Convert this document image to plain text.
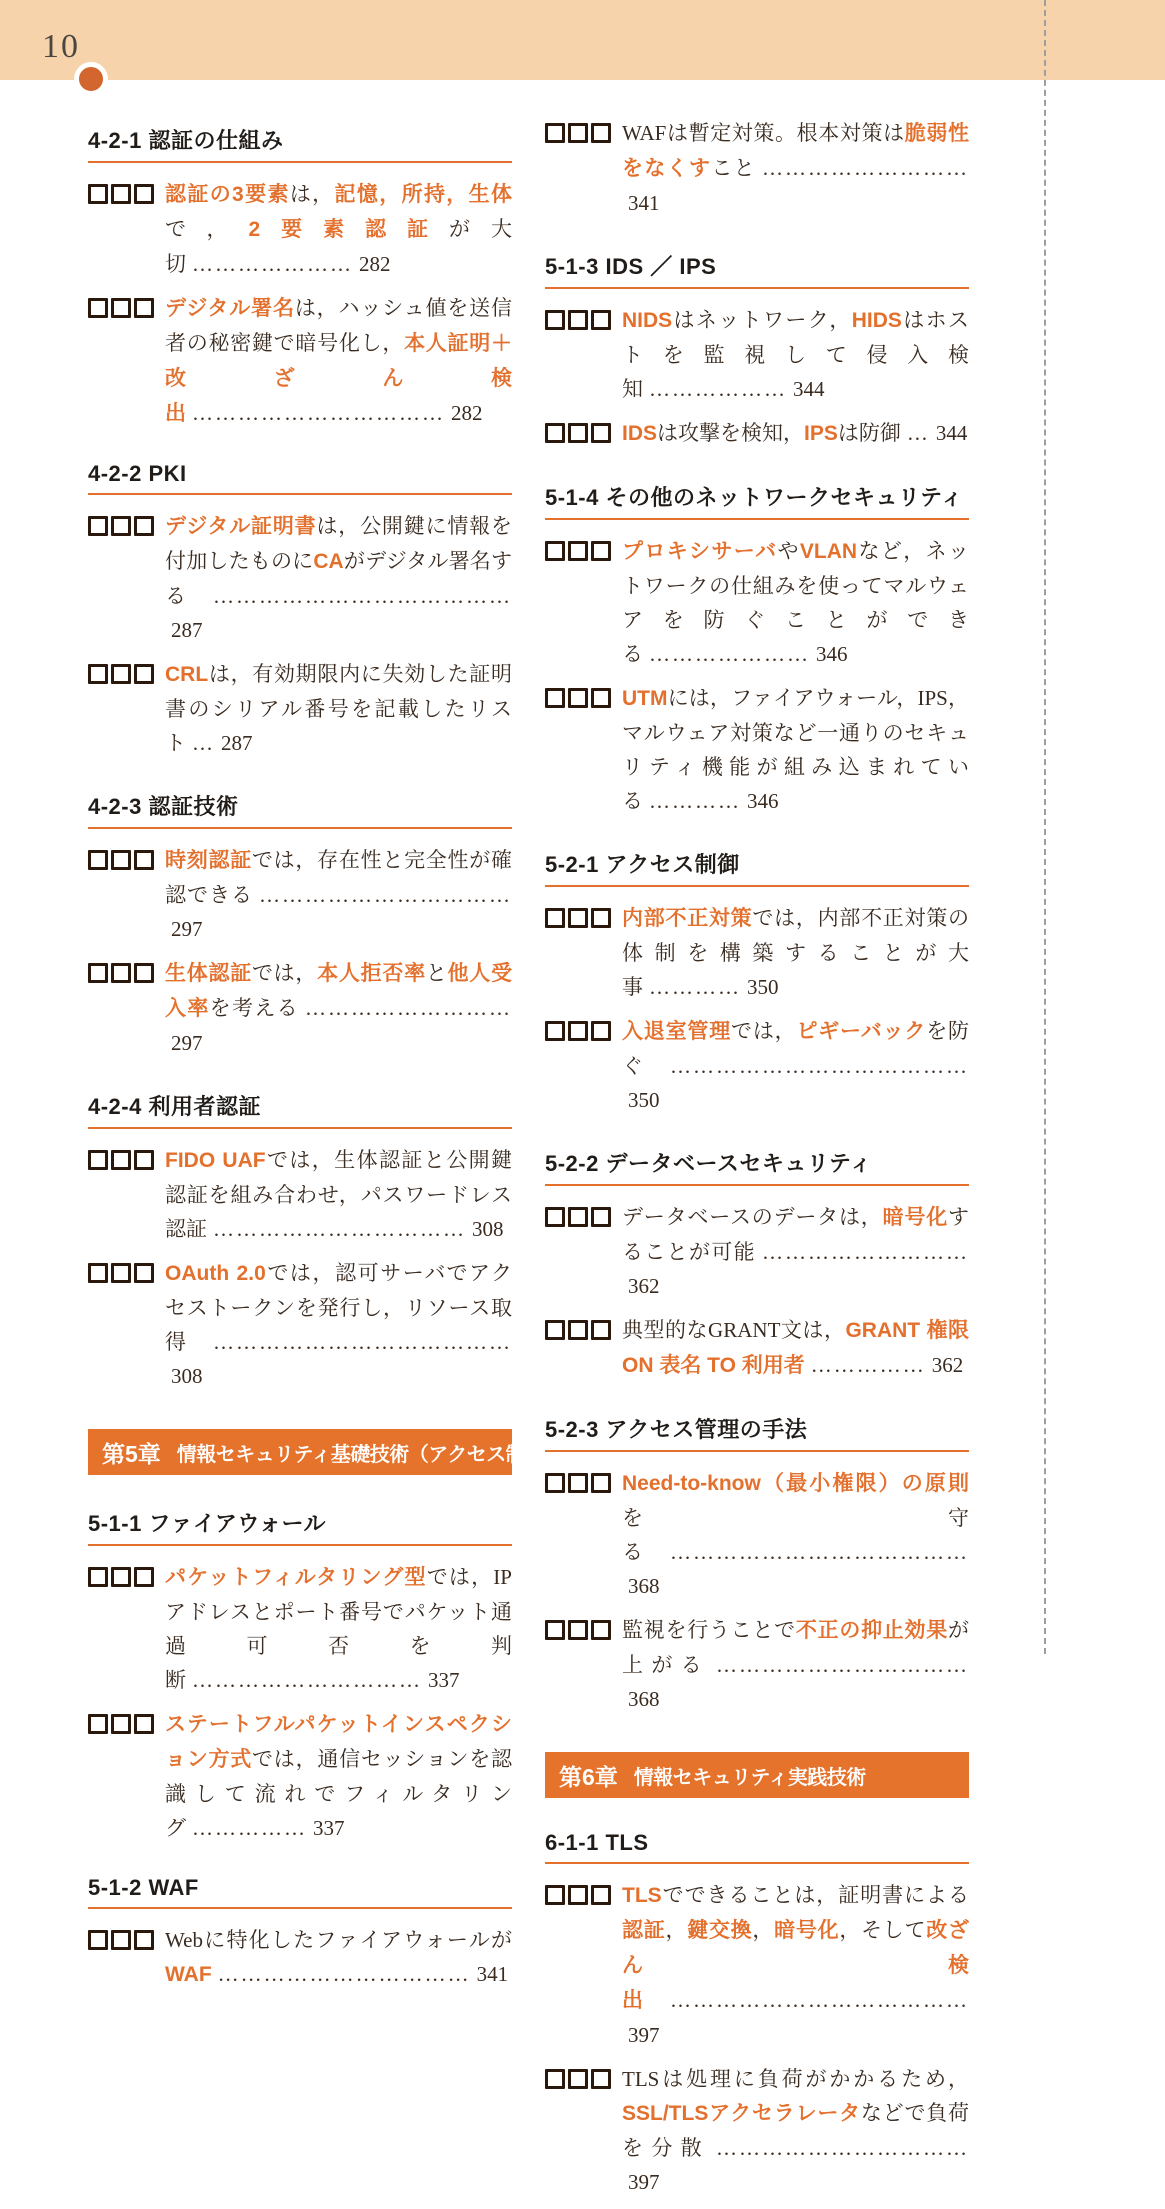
10
4-2-1 認証の仕組み
認証の3要素は，記憶，所持，生体で，2要素認証が大切 ………………… 282
デジタル署名は，ハッシュ値を送信者の秘密鍵で暗号化し，本人証明＋改ざん検出 …………………………… 282
4-2-2 PKI
デジタル証明書は，公開鍵に情報を付加したものにCAがデジタル署名する …………………………………287
CRLは，有効期限内に失効した証明書のシリアル番号を記載したリスト … 287
4-2-3 認証技術
時刻認証では，存在性と完全性が確認できる ……………………………297
生体認証では，本人拒否率と他人受入率を考える ………………………297
4-2-4 利用者認証
FIDO UAFでは，生体認証と公開鍵認証を組み合わせ，パスワードレス認証 …………………………… 308
OAuth 2.0では，認可サーバでアクセストークンを発行し，リソース取得 …………………………………308
第5章 情報セキュリティ基礎技術（アクセス制御）
5-1-1 ファイアウォール
パケットフィルタリング型では，IPアドレスとポート番号でパケット通過可否を判断 ………………………… 337
ステートフルパケットインスペクション方式では，通信セッションを認識して流れでフィルタリング …………… 337
5-1-2 WAF
Webに特化したファイアウォールがWAF …………………………… 341
WAFは暫定対策。根本対策は脆弱性をなくすこと ………………………341
5-1-3 IDS ／ IPS
NIDSはネットワーク，HIDSはホストを監視して侵入検知 ……………… 344
IDSは攻撃を検知，IPSは防御 … 344
5-1-4 その他のネットワークセキュリティ
プロキシサーバやVLANなど，ネットワークの仕組みを使ってマルウェアを防ぐことができる ………………… 346
UTMには，ファイアウォール，IPS，マルウェア対策など一通りのセキュリティ機能が組み込まれている ………… 346
5-2-1 アクセス制御
内部不正対策では，内部不正対策の体制を構築することが大事 ………… 350
入退室管理では，ピギーバックを防ぐ …………………………………350
5-2-2 データベースセキュリティ
データベースのデータは，暗号化することが可能 ………………………362
典型的なGRANT文は，GRANT 権限 ON 表名 TO 利用者 …………… 362
5-2-3 アクセス管理の手法
Need-to-know（最小権限）の原則を守る …………………………………368
監視を行うことで不正の抑止効果が上がる ……………………………368
第6章 情報セキュリティ実践技術
6-1-1 TLS
TLSでできることは，証明書による認証，鍵交換，暗号化，そして改ざん検出 …………………………………397
TLSは処理に負荷がかかるため，SSL/TLSアクセラレータなどで負荷を分散 ……………………………397
